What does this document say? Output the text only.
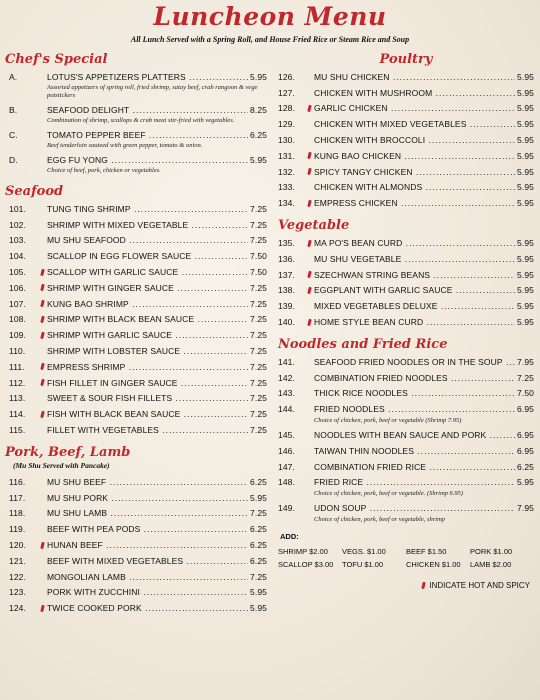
Luncheon Menu
All Lunch Served with a Spring Roll, and House Fried Rice or Steam Rice and Soup
Chef's Special
A.	LOTUS'S APPETIZERS PLATTERS .....	5.95
Assorted appetizers of spring roll, fried shrimp, satay beef, crab rangoon & vege potstickers
B.	SEAFOOD DELIGHT .....	8.25
Combination of shrimp, scallops & crab meat stir-fried with vegetables.
C.	TOMATO PEPPER BEEF .....	6.25
Beef tenderloin sauteed with green pepper, tomato & onion.
D.	EGG FU YONG .....	5.95
Choice of beef, pork, chicken or vegetables.
Seafood
101.	TUNG TING SHRIMP .....	7.25
102.	SHRIMP WITH MIXED VEGETABLE .....	7.25
103.	MU SHU SEAFOOD .....	7.25
104.	SCALLOP IN EGG FLOWER SAUCE .....	7.50
105.	SCALLOP WITH GARLIC SAUCE .....	7.50
106.	SHRIMP WITH GINGER SAUCE .....	7.25
107.	KUNG BAO SHRIMP .....	7.25
108.	SHRIMP WITH BLACK BEAN SAUCE .....	7.25
109.	SHRIMP WITH GARLIC SAUCE .....	7.25
110.	SHRIMP WITH LOBSTER SAUCE .....	7.25
111.	EMPRESS SHRIMP .....	7.25
112.	FISH FILLET IN GINGER SAUCE .....	7.25
113.	SWEET & SOUR FISH FILLETS .....	7.25
114.	FISH WITH BLACK BEAN SAUCE .....	7.25
115.	FILLET WITH VEGETABLES .....	7.25
Pork, Beef, Lamb
(Mu Shu Served with Pancake)
116.	MU SHU BEEF .....	6.25
117.	MU SHU PORK .....	5.95
118.	MU SHU LAMB .....	7.25
119.	BEEF WITH PEA PODS .....	6.25
120.	HUNAN BEEF .....	6.25
121.	BEEF WITH MIXED VEGETABLES .....	6.25
122.	MONGOLIAN LAMB .....	7.25
123.	PORK WITH ZUCCHINI .....	5.95
124.	TWICE COOKED PORK .....	5.95
Poultry
126.	MU SHU CHICKEN .....	5.95
127.	CHICKEN WITH MUSHROOM .....	5.95
128.	GARLIC CHICKEN .....	5.95
129.	CHICKEN WITH MIXED VEGETABLES .....	5.95
130.	CHICKEN WITH BROCCOLI .....	5.95
131.	KUNG BAO CHICKEN .....	5.95
132.	SPICY TANGY CHICKEN .....	5.95
133.	CHICKEN WITH ALMONDS .....	5.95
134.	EMPRESS CHICKEN .....	5.95
Vegetable
135.	MA PO'S BEAN CURD .....	5.95
136.	MU SHU VEGETABLE .....	5.95
137.	SZECHWAN STRING BEANS .....	5.95
138.	EGGPLANT WITH GARLIC SAUCE .....	5.95
139.	MIXED VEGETABLES DELUXE .....	5.95
140.	HOME STYLE BEAN CURD .....	5.95
Noodles and Fried Rice
141.	SEAFOOD FRIED NOODLES OR IN THE SOUP .....	7.95
142.	COMBINATION FRIED NOODLES .....	7.25
143.	THICK RICE NOODLES .....	7.50
144.	FRIED NOODLES .....	6.95
Choice of chicken, pork, beef or vegetable (Shrimp 7.95)
145.	NOODLES WITH BEAN SAUCE AND PORK .....	6.95
146.	TAIWAN THIN NOODLES .....	6.95
147.	COMBINATION FRIED RICE .....	6.25
148.	FRIED RICE .....	5.95
Choice of chicken, pork, beef or vegetable. (Shrimp 6.95)
149.	UDON SOUP .....	7.95
Choice of chicken, pork, beef or vegetable, shrimp
ADD:
SHRIMP $2.00	VEGS. $1.00	BEEF $1.50	PORK $1.00
SCALLOP $3.00	TOFU $1.00	CHICKEN $1.00	LAMB $2.00
INDICATE HOT AND SPICY
